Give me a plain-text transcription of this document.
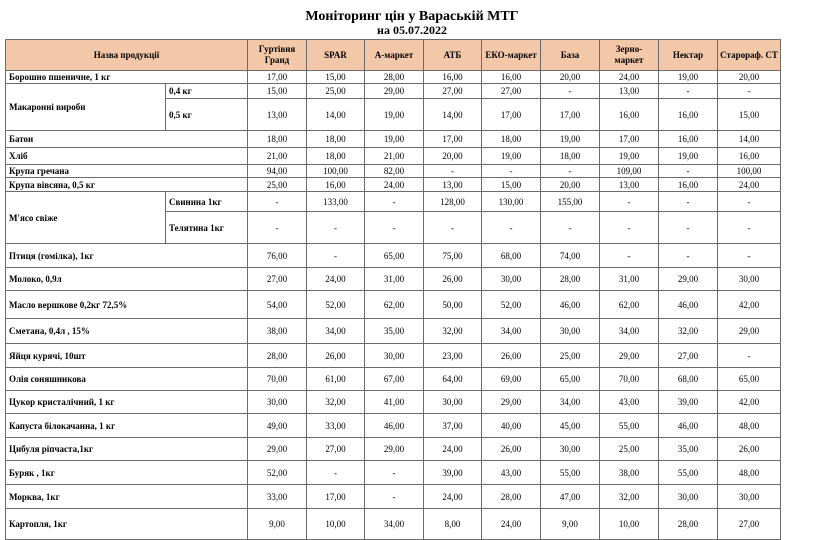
Моніторинг цін у Вараській МТГ
на 05.07.2022
Назва продукції		Гуртівня Гранд	SPAR	А-маркет	АТБ	ЕКО-маркет	База	Зерно-маркет	Нектар	Старораф. СТ	
Борошно пшеничне, 1 кг		17,00	15,00	28,00	16,00	16,00	20,00	24,00	19,00	20,00	
Макаронні вироби	0,4 кг	15,00	25,00	29,00	27,00	27,00	-	13,00	-	-	
	0,5 кг	13,00	14,00	19,00	14,00	17,00	17,00	16,00	16,00	15,00	
Батон		18,00	18,00	19,00	17,00	18,00	19,00	17,00	16,00	14,00	
Хліб		21,00	18,00	21,00	20,00	19,00	18,00	19,00	19,00	16,00	
Крупа гречана		94,00	100,00	82,00	-	-	-	109,00	-	100,00	
Крупа вівсяна, 0,5 кг		25,00	16,00	24,00	13,00	15,00	20,00	13,00	16,00	24,00	
М'ясо свіже	Свинина 1кг	-	133,00	-	128,00	130,00	155,00	-	-	-	
	Телятина 1кг	-	-	-	-	-	-	-	-	-	
Птиця (гомілка), 1кг		76,00	-	65,00	75,00	68,00	74,00	-	-	-	
Молоко, 0,9л		27,00	24,00	31,00	26,00	30,00	28,00	31,00	29,00	30,00	
Масло вершкове 0,2кг 72,5%		54,00	52,00	62,00	50,00	52,00	46,00	62,00	46,00	42,00	
Сметана, 0,4л , 15%		38,00	34,00	35,00	32,00	34,00	30,00	34,00	32,00	29,00	
Яйця курячі, 10шт		28,00	26,00	30,00	23,00	26,00	25,00	29,00	27,00	-	
Олія соняшникова		70,00	61,00	67,00	64,00	69,00	65,00	70,00	68,00	65,00	
Цукор кристалічний, 1 кг		30,00	32,00	41,00	30,00	29,00	34,00	43,00	39,00	42,00	
Капуста білокачанна, 1 кг		49,00	33,00	46,00	37,00	40,00	45,00	55,00	46,00	48,00	
Цибуля ріпчаста,1кг		29,00	27,00	29,00	24,00	26,00	30,00	25,00	35,00	26,00	
Буряк , 1кг		52,00	-	-	39,00	43,00	55,00	38,00	55,00	48,00	
Морква, 1кг		33,00	17,00	-	24,00	28,00	47,00	32,00	30,00	30,00	
Картопля, 1кг		9,00	10,00	34,00	8,00	24,00	9,00	10,00	28,00	27,00	
